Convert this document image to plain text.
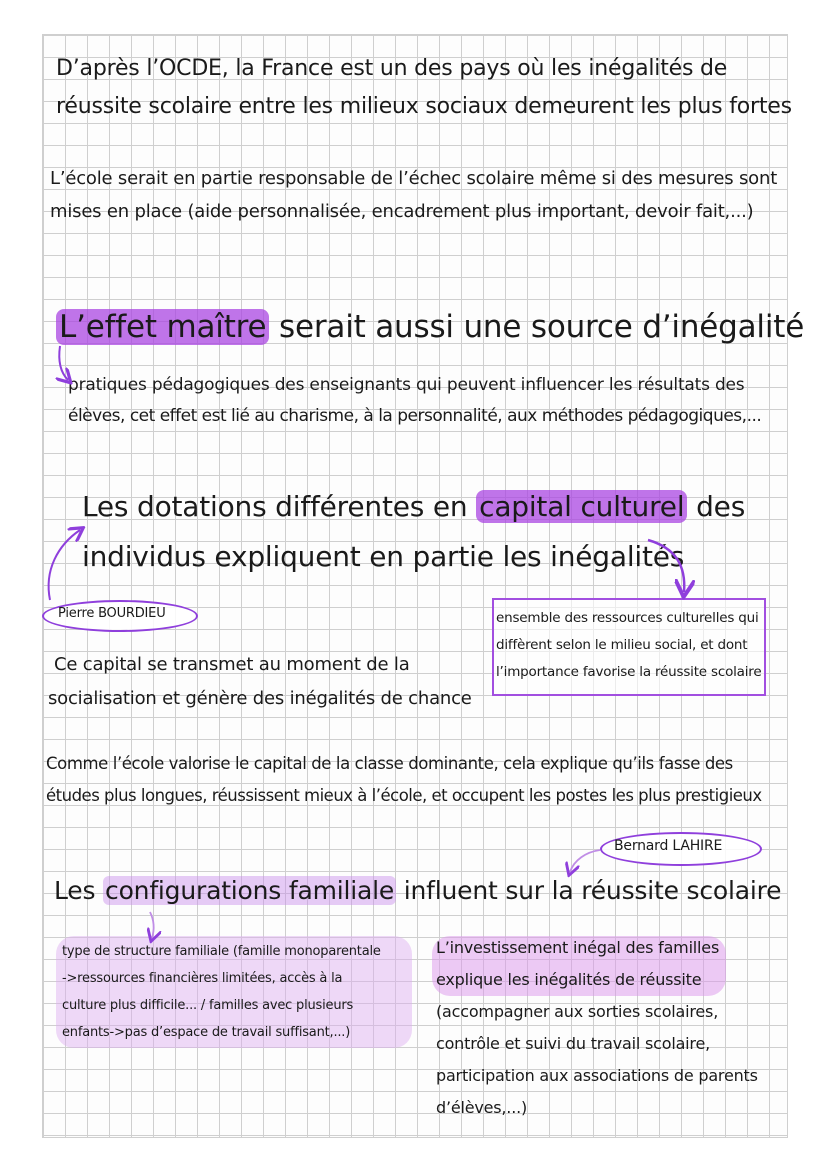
D’après l’OCDE, la France est un des pays où les inégalités de
réussite scolaire entre les milieux sociaux demeurent les plus fortes
L’école serait en partie responsable de l’échec scolaire même si des mesures sont
mises en place (aide personnalisée, encadrement plus important, devoir fait,...)
L’effet maître serait aussi une source d’inégalité
pratiques pédagogiques des enseignants qui peuvent influencer les résultats des
élèves, cet effet est lié au charisme, à la personnalité, aux méthodes pédagogiques,...
Les dotations différentes en capital culturel des
individus expliquent en partie les inégalités
Pierre BOURDIEU	ensemble des ressources culturelles qui
diffèrent selon le milieu social, et dont
l’importance favorise la réussite scolaire
Ce capital se transmet au moment de la
socialisation et génère des inégalités de chance
Comme l’école valorise le capital de la classe dominante, cela explique qu’ils fasse des
études plus longues, réussissent mieux à l’école, et occupent les postes les plus prestigieux
Bernard LAHIRE
Les configurations familiale influent sur la réussite scolaire
type de structure familiale (famille monoparentale
->ressources financières limitées, accès à la
culture plus difficile... / familles avec plusieurs
enfants->pas d’espace de travail suffisant,...)
L’investissement inégal des familles
explique les inégalités de réussite
(accompagner aux sorties scolaires,
contrôle et suivi du travail scolaire,
participation aux associations de parents
d’élèves,...)
